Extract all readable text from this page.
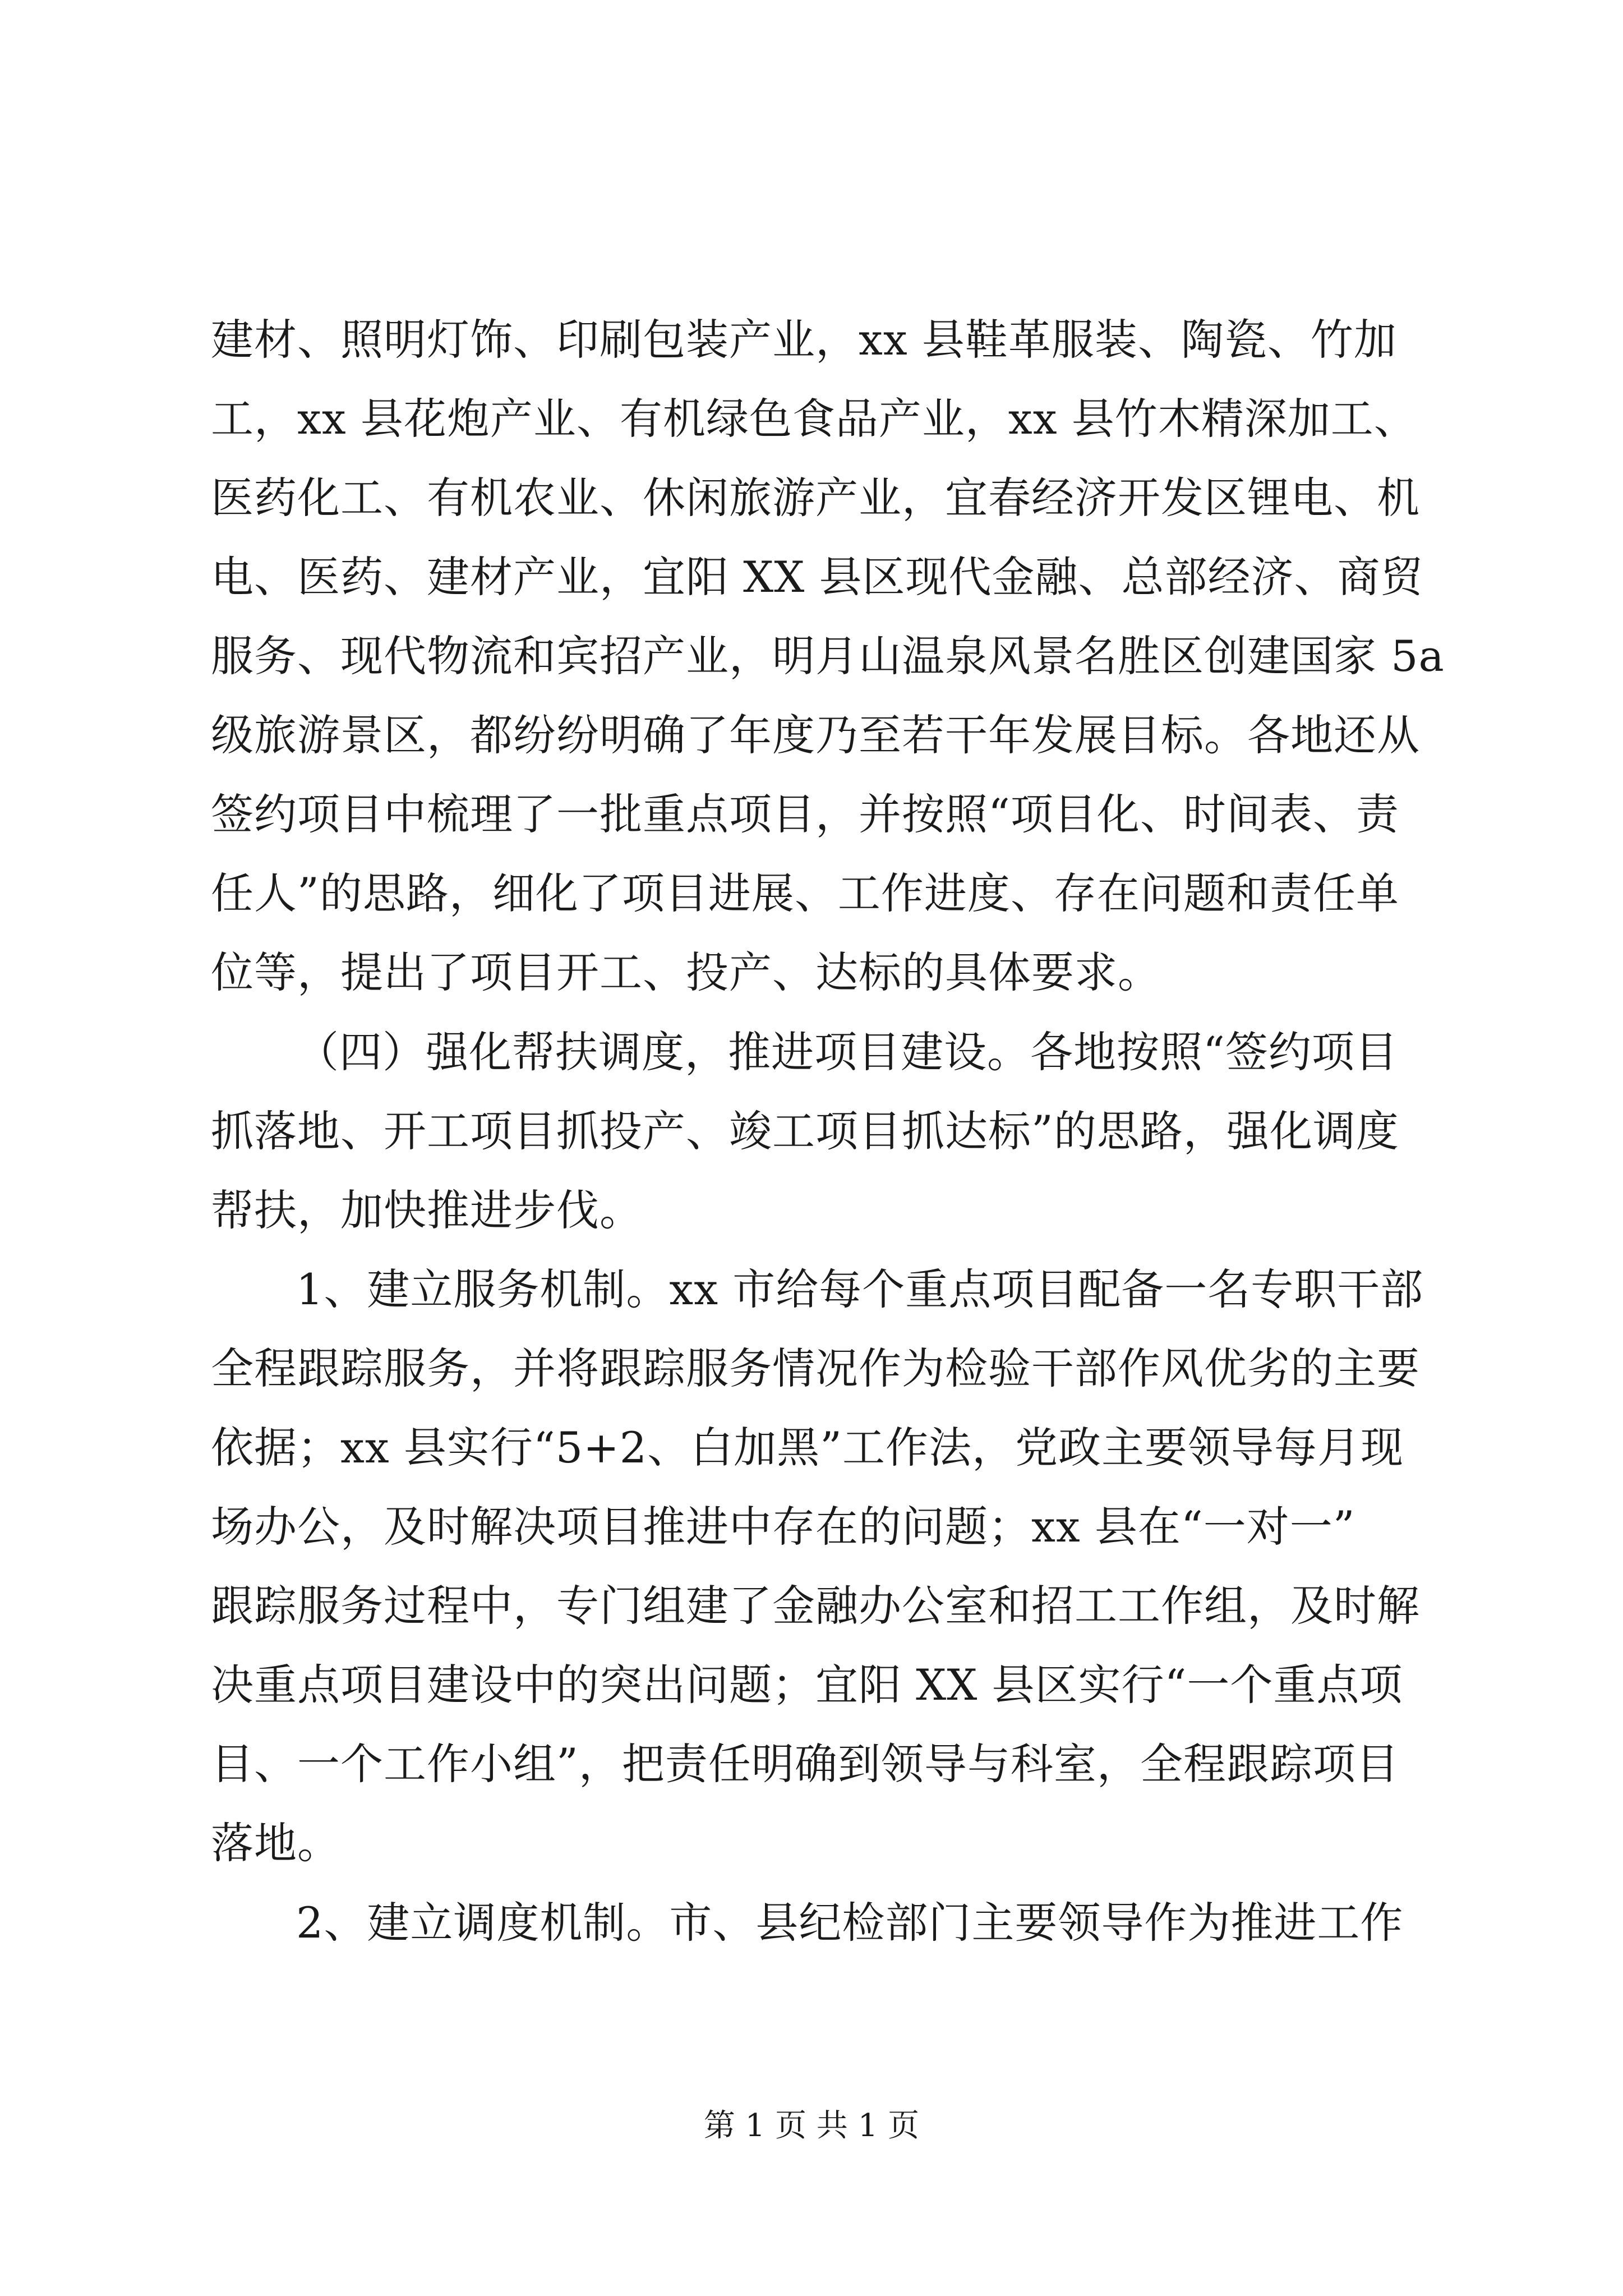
建材、照明灯饰、印刷包装产业，xx 县鞋革服装、陶瓷、竹加
工，xx 县花炮产业、有机绿色食品产业，xx 县竹木精深加工、
医药化工、有机农业、休闲旅游产业，宜春经济开发区锂电、机
电、医药、建材产业，宜阳 XX 县区现代金融、总部经济、商贸
服务、现代物流和宾招产业，明月山温泉风景名胜区创建国家 5a
级旅游景区，都纷纷明确了年度乃至若干年发展目标。各地还从
签约项目中梳理了一批重点项目，并按照“项目化、时间表、责
任人”的思路，细化了项目进展、工作进度、存在问题和责任单
位等，提出了项目开工、投产、达标的具体要求。
（四）强化帮扶调度，推进项目建设。各地按照“签约项目
抓落地、开工项目抓投产、竣工项目抓达标”的思路，强化调度
帮扶，加快推进步伐。
1、建立服务机制。xx 市给每个重点项目配备一名专职干部
全程跟踪服务，并将跟踪服务情况作为检验干部作风优劣的主要
依据；xx 县实行“5+2、白加黑”工作法，党政主要领导每月现
场办公，及时解决项目推进中存在的问题；xx 县在“一对一”
跟踪服务过程中，专门组建了金融办公室和招工工作组，及时解
决重点项目建设中的突出问题；宜阳 XX 县区实行“一个重点项
目、一个工作小组”，把责任明确到领导与科室，全程跟踪项目
落地。
2、建立调度机制。市、县纪检部门主要领导作为推进工作
第 1 页 共 1 页
